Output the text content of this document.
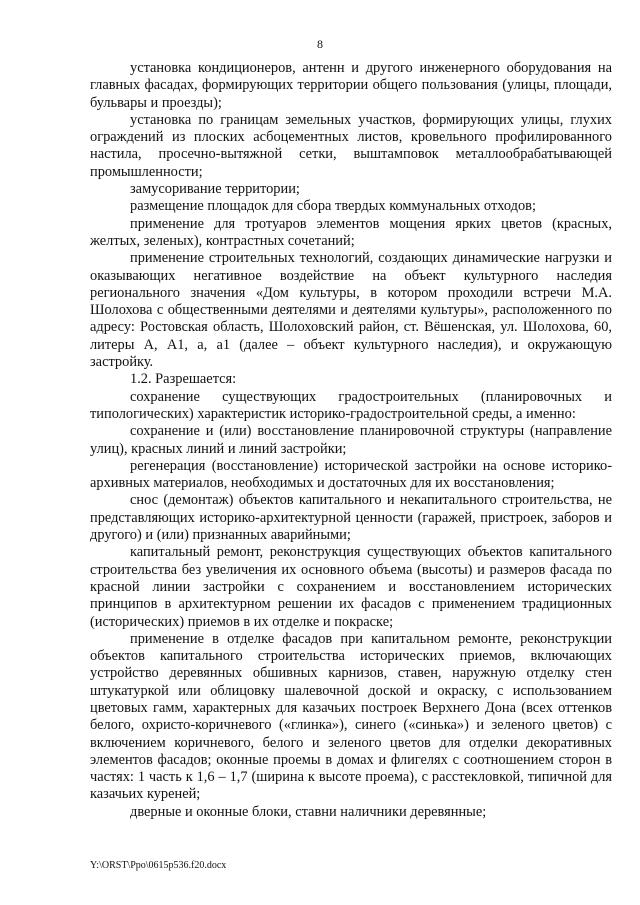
8

установка кондиционеров, антенн и другого инженерного оборудования на главных фасадах, формирующих территории общего пользования (улицы, площади, бульвары и проезды);

установка по границам земельных участков, формирующих улицы, глухих ограждений из плоских асбоцементных листов, кровельного профилированного настила, просечно-вытяжной сетки, выштамповок металлообрабатывающей промышленности;

замусоривание территории;

размещение площадок для сбора твердых коммунальных отходов;

применение для тротуаров элементов мощения ярких цветов (красных, желтых, зеленых), контрастных сочетаний;

применение строительных технологий, создающих динамические нагрузки и оказывающих негативное воздействие на объект культурного наследия регионального значения «Дом культуры, в котором проходили встречи М.А. Шолохова с общественными деятелями и деятелями культуры», расположенного по адресу: Ростовская область, Шолоховский район, ст. Вёшенская, ул. Шолохова, 60, литеры А, А1, а, а1 (далее – объект культурного наследия), и окружающую застройку.

1.2. Разрешается:

сохранение существующих градостроительных (планировочных и типологических) характеристик историко-градостроительной среды, а именно:

сохранение и (или) восстановление планировочной структуры (направление улиц), красных линий и линий застройки;

регенерация (восстановление) исторической застройки на основе историко-архивных материалов, необходимых и достаточных для их восстановления;

снос (демонтаж) объектов капитального и некапитального строительства, не представляющих историко-архитектурной ценности (гаражей, пристроек, заборов и другого) и (или) признанных аварийными;

капитальный ремонт, реконструкция существующих объектов капитального строительства без увеличения их основного объема (высоты) и размеров фасада по красной линии застройки с сохранением и восстановлением исторических принципов в архитектурном решении их фасадов с применением традиционных (исторических) приемов в их отделке и покраске;

применение в отделке фасадов при капитальном ремонте, реконструкции объектов капитального строительства исторических приемов, включающих устройство деревянных обшивных карнизов, ставен, наружную отделку стен штукатуркой или облицовку шалевочной доской и окраску, с использованием цветовых гамм, характерных для казачьих построек Верхнего Дона (всех оттенков белого, охристо-коричневого («глинка»), синего («синька») и зеленого цветов) с включением коричневого, белого и зеленого цветов для отделки декоративных элементов фасадов; оконные проемы в домах и флигелях с соотношением сторон в частях: 1 часть к 1,6 – 1,7 (ширина к высоте проема), с расстекловкой, типичной для казачьих куреней;

дверные и оконные блоки, ставни наличники деревянные;

Y:\ORST\Ppo\0615p536.f20.docx
